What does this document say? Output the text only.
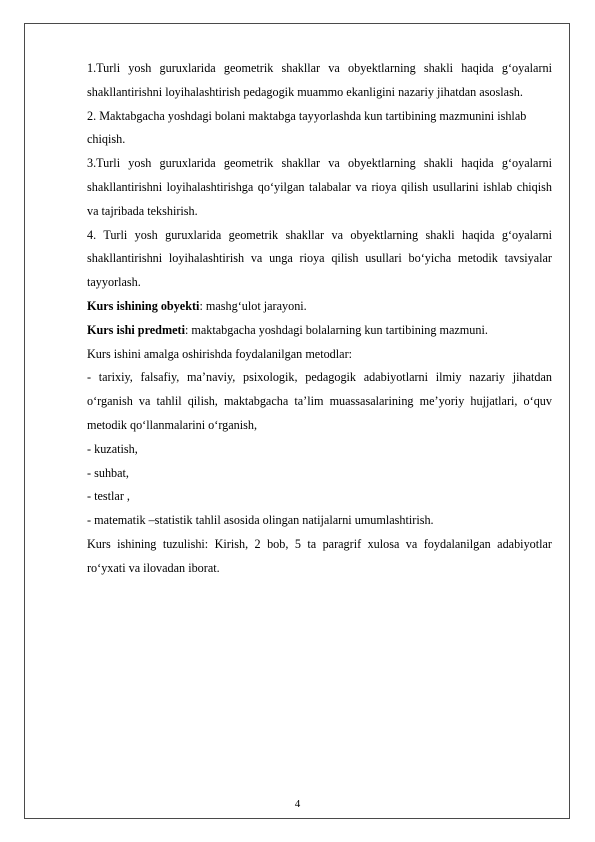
1.Turli yosh guruxlarida geometrik shakllar va obyektlarning shakli haqida g‘oyalarni shakllantirishni loyihalashtirish pedagogik muammo ekanligini nazariy jihatdan asoslash.

2. Maktabgacha yoshdagi bolani maktabga tayyorlashda kun tartibining mazmunini ishlab chiqish.

3.Turli yosh guruxlarida geometrik shakllar va obyektlarning shakli haqida g‘oyalarni shakllantirishni loyihalashtirishga qo‘yilgan talabalar va rioya qilish usullarini ishlab chiqish va tajribada tekshirish.

4. Turli yosh guruxlarida geometrik shakllar va obyektlarning shakli haqida g‘oyalarni shakllantirishni loyihalashtirish va unga rioya qilish usullari bo‘yicha metodik tavsiyalar tayyorlash.

Kurs ishining obyekti: mashg‘ulot jarayoni.

Kurs ishi predmeti: maktabgacha yoshdagi bolalarning kun tartibining mazmuni.

Kurs ishini amalga oshirishda foydalanilgan metodlar:

- tarixiy, falsafiy, ma’naviy, psixologik, pedagogik adabiyotlarni ilmiy nazariy jihatdan o‘rganish va tahlil qilish, maktabgacha ta’lim muassasalarining me’yoriy hujjatlari, o‘quv metodik qo‘llanmalarini o‘rganish,

- kuzatish,

- suhbat,

- testlar ,

- matematik –statistik tahlil asosida olingan natijalarni umumlashtirish.

Kurs ishining tuzulishi: Kirish, 2 bob, 5 ta paragrif xulosa va foydalanilgan adabiyotlar ro‘yxati va ilovadan iborat.

4
